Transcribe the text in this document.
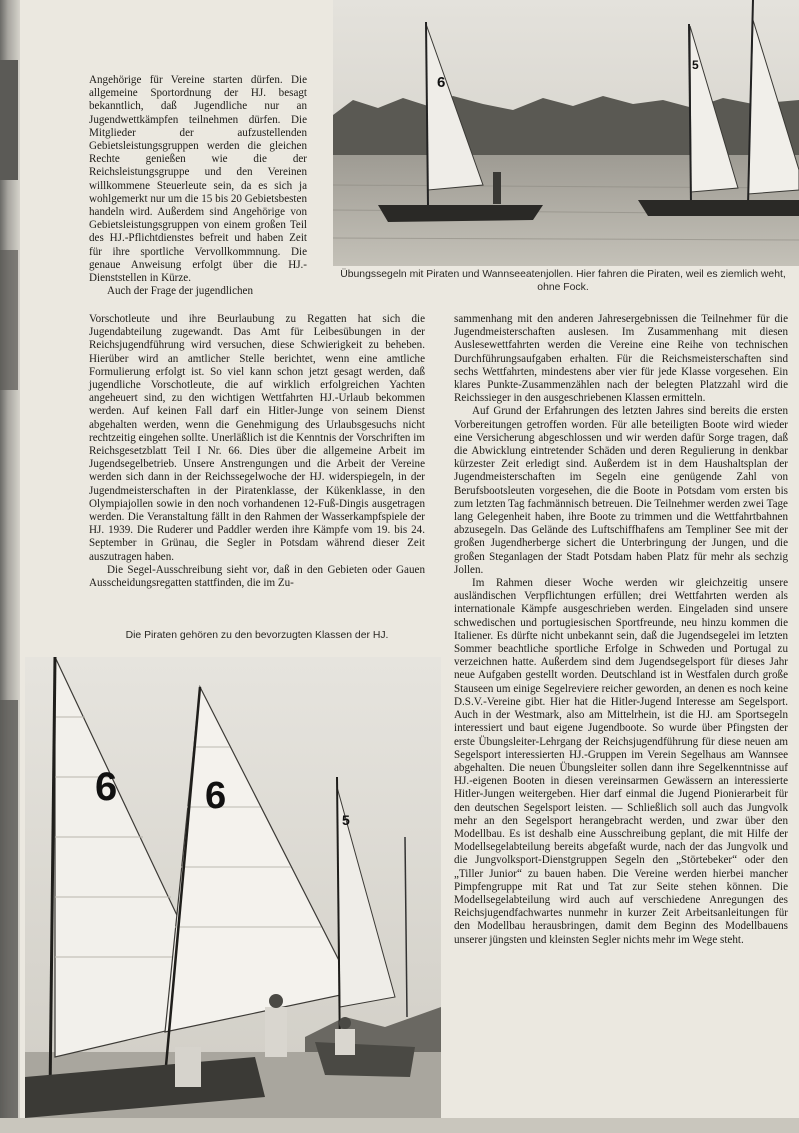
6
5
Übungssegeln mit Piraten und Wannseeatenjollen. Hier fahren die Piraten, weil es ziemlich weht, ohne Fock.

Angehörige für Vereine starten dürfen. Die allgemeine Sportordnung der HJ. besagt bekanntlich, daß Jugendliche nur an Jugendwettkämpfen teilnehmen dürfen. Die Mitglieder der aufzustellenden Gebietsleistungsgruppen werden die gleichen Rechte genießen wie die der Reichsleistungsgruppe und den Vereinen willkommene Steuerleute sein, da es sich ja wohlgemerkt nur um die 15 bis 20 Gebietsbesten handeln wird. Außerdem sind Angehörige von Gebietsleistungsgruppen von einem großen Teil des HJ.-Pflichtdienstes befreit und haben Zeit für ihre sportliche Vervollkommnung. Die genaue Anweisung erfolgt über die HJ.-Dienststellen in Kürze.

Auch der Frage der jugendlichen

Vorschotleute und ihre Beurlaubung zu Regatten hat sich die Jugendabteilung zugewandt. Das Amt für Leibesübungen in der Reichsjugendführung wird versuchen, diese Schwierigkeit zu beheben. Hierüber wird an amtlicher Stelle berichtet, wenn eine amtliche Formulierung erfolgt ist. So viel kann schon jetzt gesagt werden, daß jugendliche Vorschotleute, die auf wirklich erfolgreichen Yachten angeheuert sind, zu den wichtigen Wettfahrten HJ.-Urlaub bekommen werden. Auf keinen Fall darf ein Hitler-Junge von seinem Dienst abgehalten werden, wenn die Genehmigung des Urlaubsgesuchs nicht rechtzeitig eingehen sollte. Unerläßlich ist die Kenntnis der Vorschriften im Reichsgesetzblatt Teil I Nr. 66. Dies über die allgemeine Arbeit im Jugendsegelbetrieb. Unsere Anstrengungen und die Arbeit der Vereine werden sich dann in der Reichssegelwoche der HJ. widerspiegeln, in der Jugendmeisterschaften in der Piratenklasse, der Kükenklasse, in den Olympiajollen sowie in den noch vorhandenen 12-Fuß-Dingis ausgetragen werden. Die Veranstaltung fällt in den Rahmen der Wasserkampfspiele der HJ. 1939. Die Ruderer und Paddler werden ihre Kämpfe vom 19. bis 24. September in Grünau, die Segler in Potsdam während dieser Zeit auszutragen haben.

Die Segel-Ausschreibung sieht vor, daß in den Gebieten oder Gauen Ausscheidungsregatten stattfinden, die im Zu-

Die Piraten gehören zu den bevorzugten Klassen der HJ.

sammenhang mit den anderen Jahresergebnissen die Teilnehmer für die Jugendmeisterschaften auslesen. Im Zusammenhang mit diesen Auslesewettfahrten werden die Vereine eine Reihe von technischen Durchführungsaufgaben erhalten. Für die Reichsmeisterschaften sind sechs Wettfahrten, mindestens aber vier für jede Klasse vorgesehen. Ein klares Punkte-Zusammenzählen nach der belegten Platzzahl wird die Reichssieger in den ausgeschriebenen Klassen ermitteln.

Auf Grund der Erfahrungen des letzten Jahres sind bereits die ersten Vorbereitungen getroffen worden. Für alle beteiligten Boote wird wieder eine Versicherung abgeschlossen und wir werden dafür Sorge tragen, daß die Abwicklung eintretender Schäden und deren Regulierung in denkbar kürzester Zeit erledigt sind. Außerdem ist in dem Haushaltsplan der Jugendmeisterschaften im Segeln eine genügende Zahl von Berufsbootsleuten vorgesehen, die die Boote in Potsdam vom ersten bis zum letzten Tag fachmännisch betreuen. Die Teilnehmer werden zwei Tage lang Gelegenheit haben, ihre Boote zu trimmen und die Wettfahrtbahnen abzusegeln. Das Gelände des Luftschiffhafens am Templiner See mit der großen Jugendherberge sichert die Unterbringung der Jungen, und die großen Steganlagen der Stadt Potsdam haben Platz für mehr als sechzig Jollen.

Im Rahmen dieser Woche werden wir gleichzeitig unsere ausländischen Verpflichtungen erfüllen; drei Wettfahrten werden als internationale Kämpfe ausgeschrieben werden. Eingeladen sind unsere schwedischen und portugiesischen Sportfreunde, neu hinzu kommen die Italiener. Es dürfte nicht unbekannt sein, daß die Jugendsegelei im letzten Sommer beachtliche sportliche Erfolge in Schweden und Portugal zu verzeichnen hatte. Außerdem sind dem Jugendsegelsport für dieses Jahr neue Aufgaben gestellt worden. Deutschland ist in Westfalen durch große Stauseen um einige Segelreviere reicher geworden, an denen es noch keine D.S.V.-Vereine gibt. Hier hat die Hitler-Jugend Interesse am Segelsport. Auch in der Westmark, also am Mittelrhein, ist die HJ. am Sportsegeln interessiert und baut eigene Jugendboote. So wurde über Pfingsten der erste Übungsleiter-Lehrgang der Reichsjugendführung für diese neuen am Segelsport interessierten HJ.-Gruppen im Verein Segelhaus am Wannsee abgehalten. Die neuen Übungsleiter sollen dann ihre Segelkenntnisse auf HJ.-eigenen Booten in diesen vereinsarmen Gewässern an interessierte Hitler-Jungen weitergeben. Hier darf einmal die Jugend Pionierarbeit für den deutschen Segelsport leisten. — Schließlich soll auch das Jungvolk mehr an den Segelsport herangebracht werden, und zwar über den Modellbau. Es ist deshalb eine Ausschreibung geplant, die mit Hilfe der Modellsegelabteilung bereits abgefaßt wurde, nach der das Jungvolk und die Jungvolksport-Dienstgruppen Segeln den „Störtebeker“ oder den „Tiller Junior“ zu bauen haben. Die Vereine werden hierbei mancher Pimpfengruppe mit Rat und Tat zur Seite stehen können. Die Modellsegelabteilung wird auch auf verschiedene Anregungen des Reichsjugendfachwartes nunmehr in kurzer Zeit Arbeitsanleitungen für den Modellbau herausbringen, damit dem Beginn des Modellbauens unserer jüngsten und kleinsten Segler nichts mehr im Wege steht.

6 9
5
